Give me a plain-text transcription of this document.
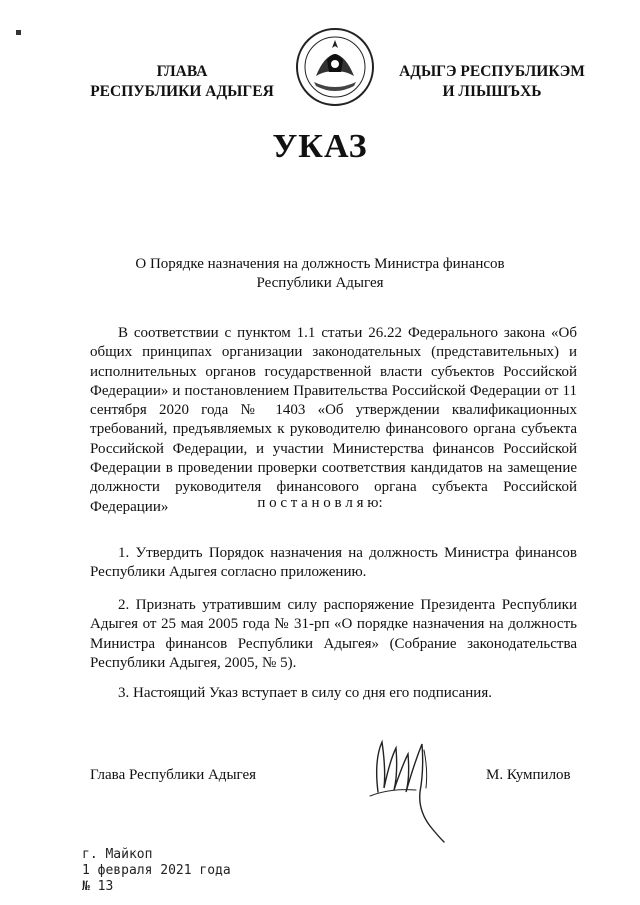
ГЛАВА
РЕСПУБЛИКИ АДЫГЕЯ
АДЫГЭ РЕСПУБЛИКЭМ
И ЛІЫШЪХЬ
УКАЗ
О Порядке назначения на должность Министра финансов
Республики Адыгея
В соответствии с пунктом 1.1 статьи 26.22 Федерального закона «Об общих принципах организации законодательных (представительных) и исполнительных органов государственной власти субъектов Российской Федерации» и постановлением Правительства Российской Федерации от 11 сентября 2020 года № 1403 «Об утверждении квалификационных требований, предъявляемых к руководителю финансового органа субъекта Российской Федерации, и участии Министерства финансов Российской Федерации в проведении проверки соответствия кандидатов на замещение должности руководителя финансового органа субъекта Российской Федерации»	п о с т а н о в л я ю:
1. Утвердить Порядок назначения на должность Министра финансов Республики Адыгея согласно приложению.
2. Признать утратившим силу распоряжение Президента Республики Адыгея от 25 мая 2005 года № 31-рп «О порядке назначения на должность Министра финансов Республики Адыгея» (Собрание законодательства Республики Адыгея, 2005, № 5).
3. Настоящий Указ вступает в силу со дня его подписания.
Глава Республики Адыгея	М. Кумпилов
г. Майкоп
1 февраля 2021 года
№ 13
